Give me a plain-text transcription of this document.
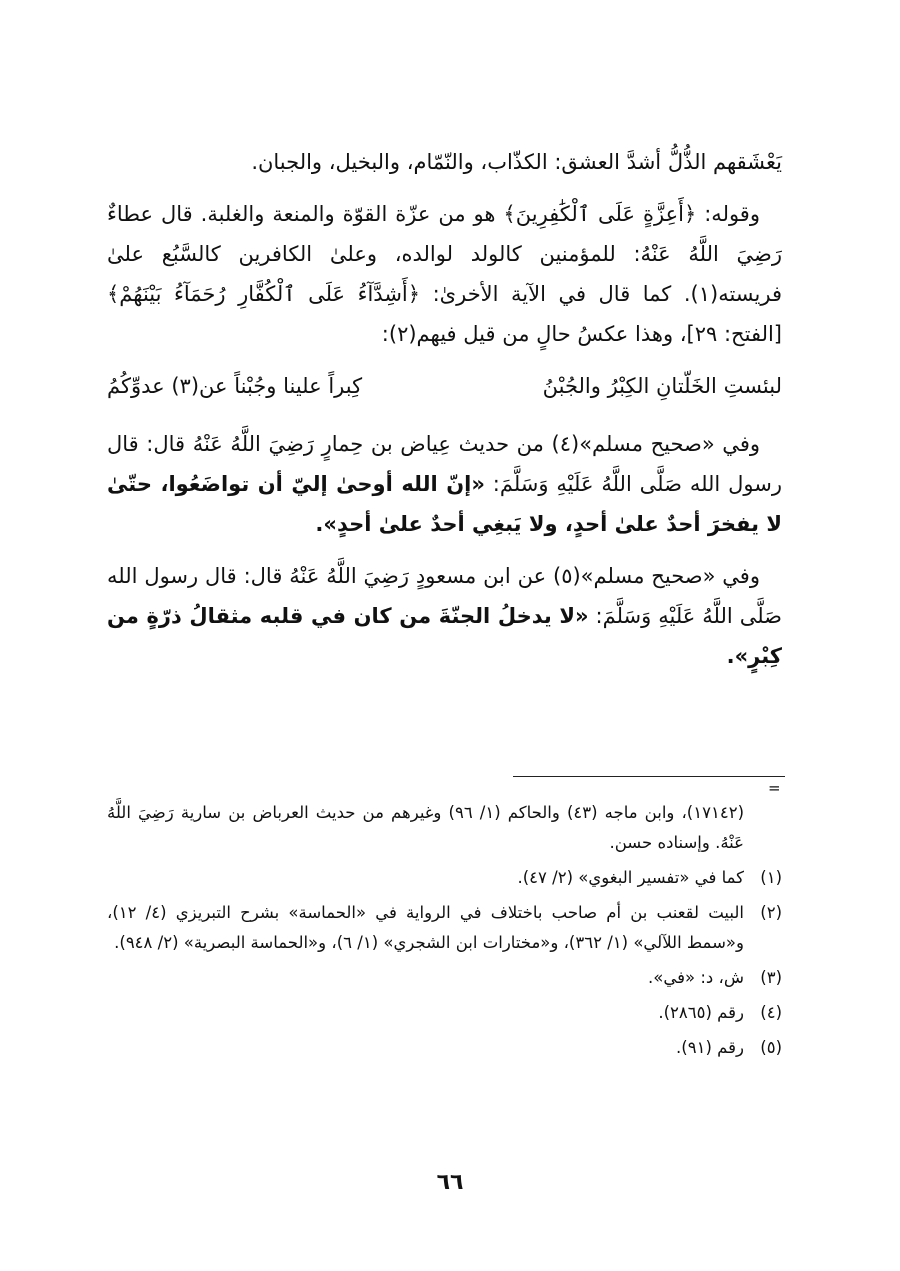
يَعْشَقهم الذُّلُّ أشدَّ العشق: الكذّاب، والنّمّام، والبخيل، والجبان.

وقوله: ﴿أَعِزَّةٍ عَلَى ٱلْكَٰفِرِينَ﴾ هو من عزّة القوّة والمنعة والغلبة. قال عطاءٌ رَضِيَ اللَّهُ عَنْهُ: للمؤمنين كالولد لوالده، وعلىٰ الكافرين كالسَّبُع علىٰ فريسته(١). كما قال في الآية الأخرىٰ: ﴿أَشِدَّآءُ عَلَى ٱلْكُفَّارِ رُحَمَآءُ بَيْنَهُمْ﴾ [الفتح: ٢٩]، وهذا عكسُ حالٍ من قيل فيهم(٢):

لبئستِ الخَلّتانِ الكِبْرُ والجُبْنُ
كِبراً علينا وجُبْناً عن(٣) عدوِّكُمُ

وفي «صحيح مسلم»(٤) من حديث عِياض بن حِمارٍ رَضِيَ اللَّهُ عَنْهُ قال: قال رسول الله صَلَّى اللَّهُ عَلَيْهِ وَسَلَّمَ: «إنّ الله أوحىٰ إليّ أن تواضَعُوا، حتّىٰ لا يفخرَ أحدٌ علىٰ أحدٍ، ولا يَبغِي أحدٌ علىٰ أحدٍ».

وفي «صحيح مسلم»(٥) عن ابن مسعودٍ رَضِيَ اللَّهُ عَنْهُ قال: قال رسول الله صَلَّى اللَّهُ عَلَيْهِ وَسَلَّمَ: «لا يدخلُ الجنّةَ من كان في قلبه مثقالُ ذرّةٍ من كِبْرٍ».

=
(١٧١٤٢)، وابن ماجه (٤٣) والحاكم (١/ ٩٦) وغيرهم من حديث العرباض بن سارية رَضِيَ اللَّهُ عَنْهُ. وإسناده حسن.
(١)
كما في «تفسير البغوي» (٢/ ٤٧).
(٢)
البيت لقعنب بن أم صاحب باختلاف في الرواية في «الحماسة» بشرح التبريزي (٤/ ١٢)، و«سمط اللآلي» (١/ ٣٦٢)، و«مختارات ابن الشجري» (١/ ٦)، و«الحماسة البصرية» (٢/ ٩٤٨).
(٣)
ش، د: «في».
(٤)
رقم (٢٨٦٥).
(٥)
رقم (٩١).
٦٦
